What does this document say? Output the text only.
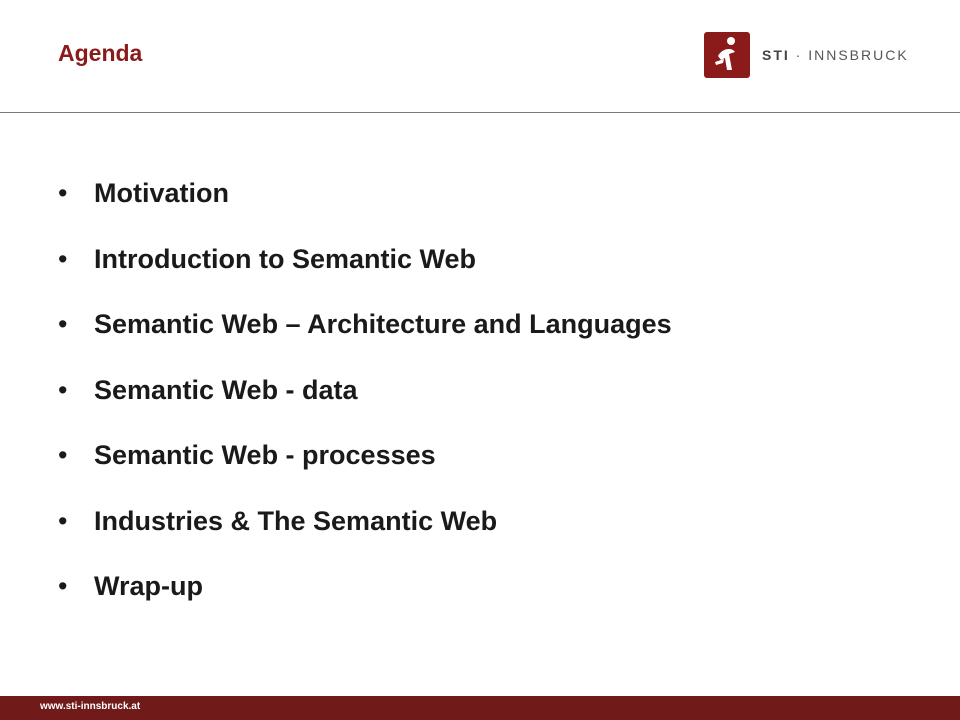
Agenda	STI · INNSBRUCK
• Motivation
• Introduction to Semantic Web
• Semantic Web – Architecture and Languages
• Semantic Web - data
• Semantic Web - processes
• Industries & The Semantic Web
• Wrap-up
www.sti-innsbruck.at
